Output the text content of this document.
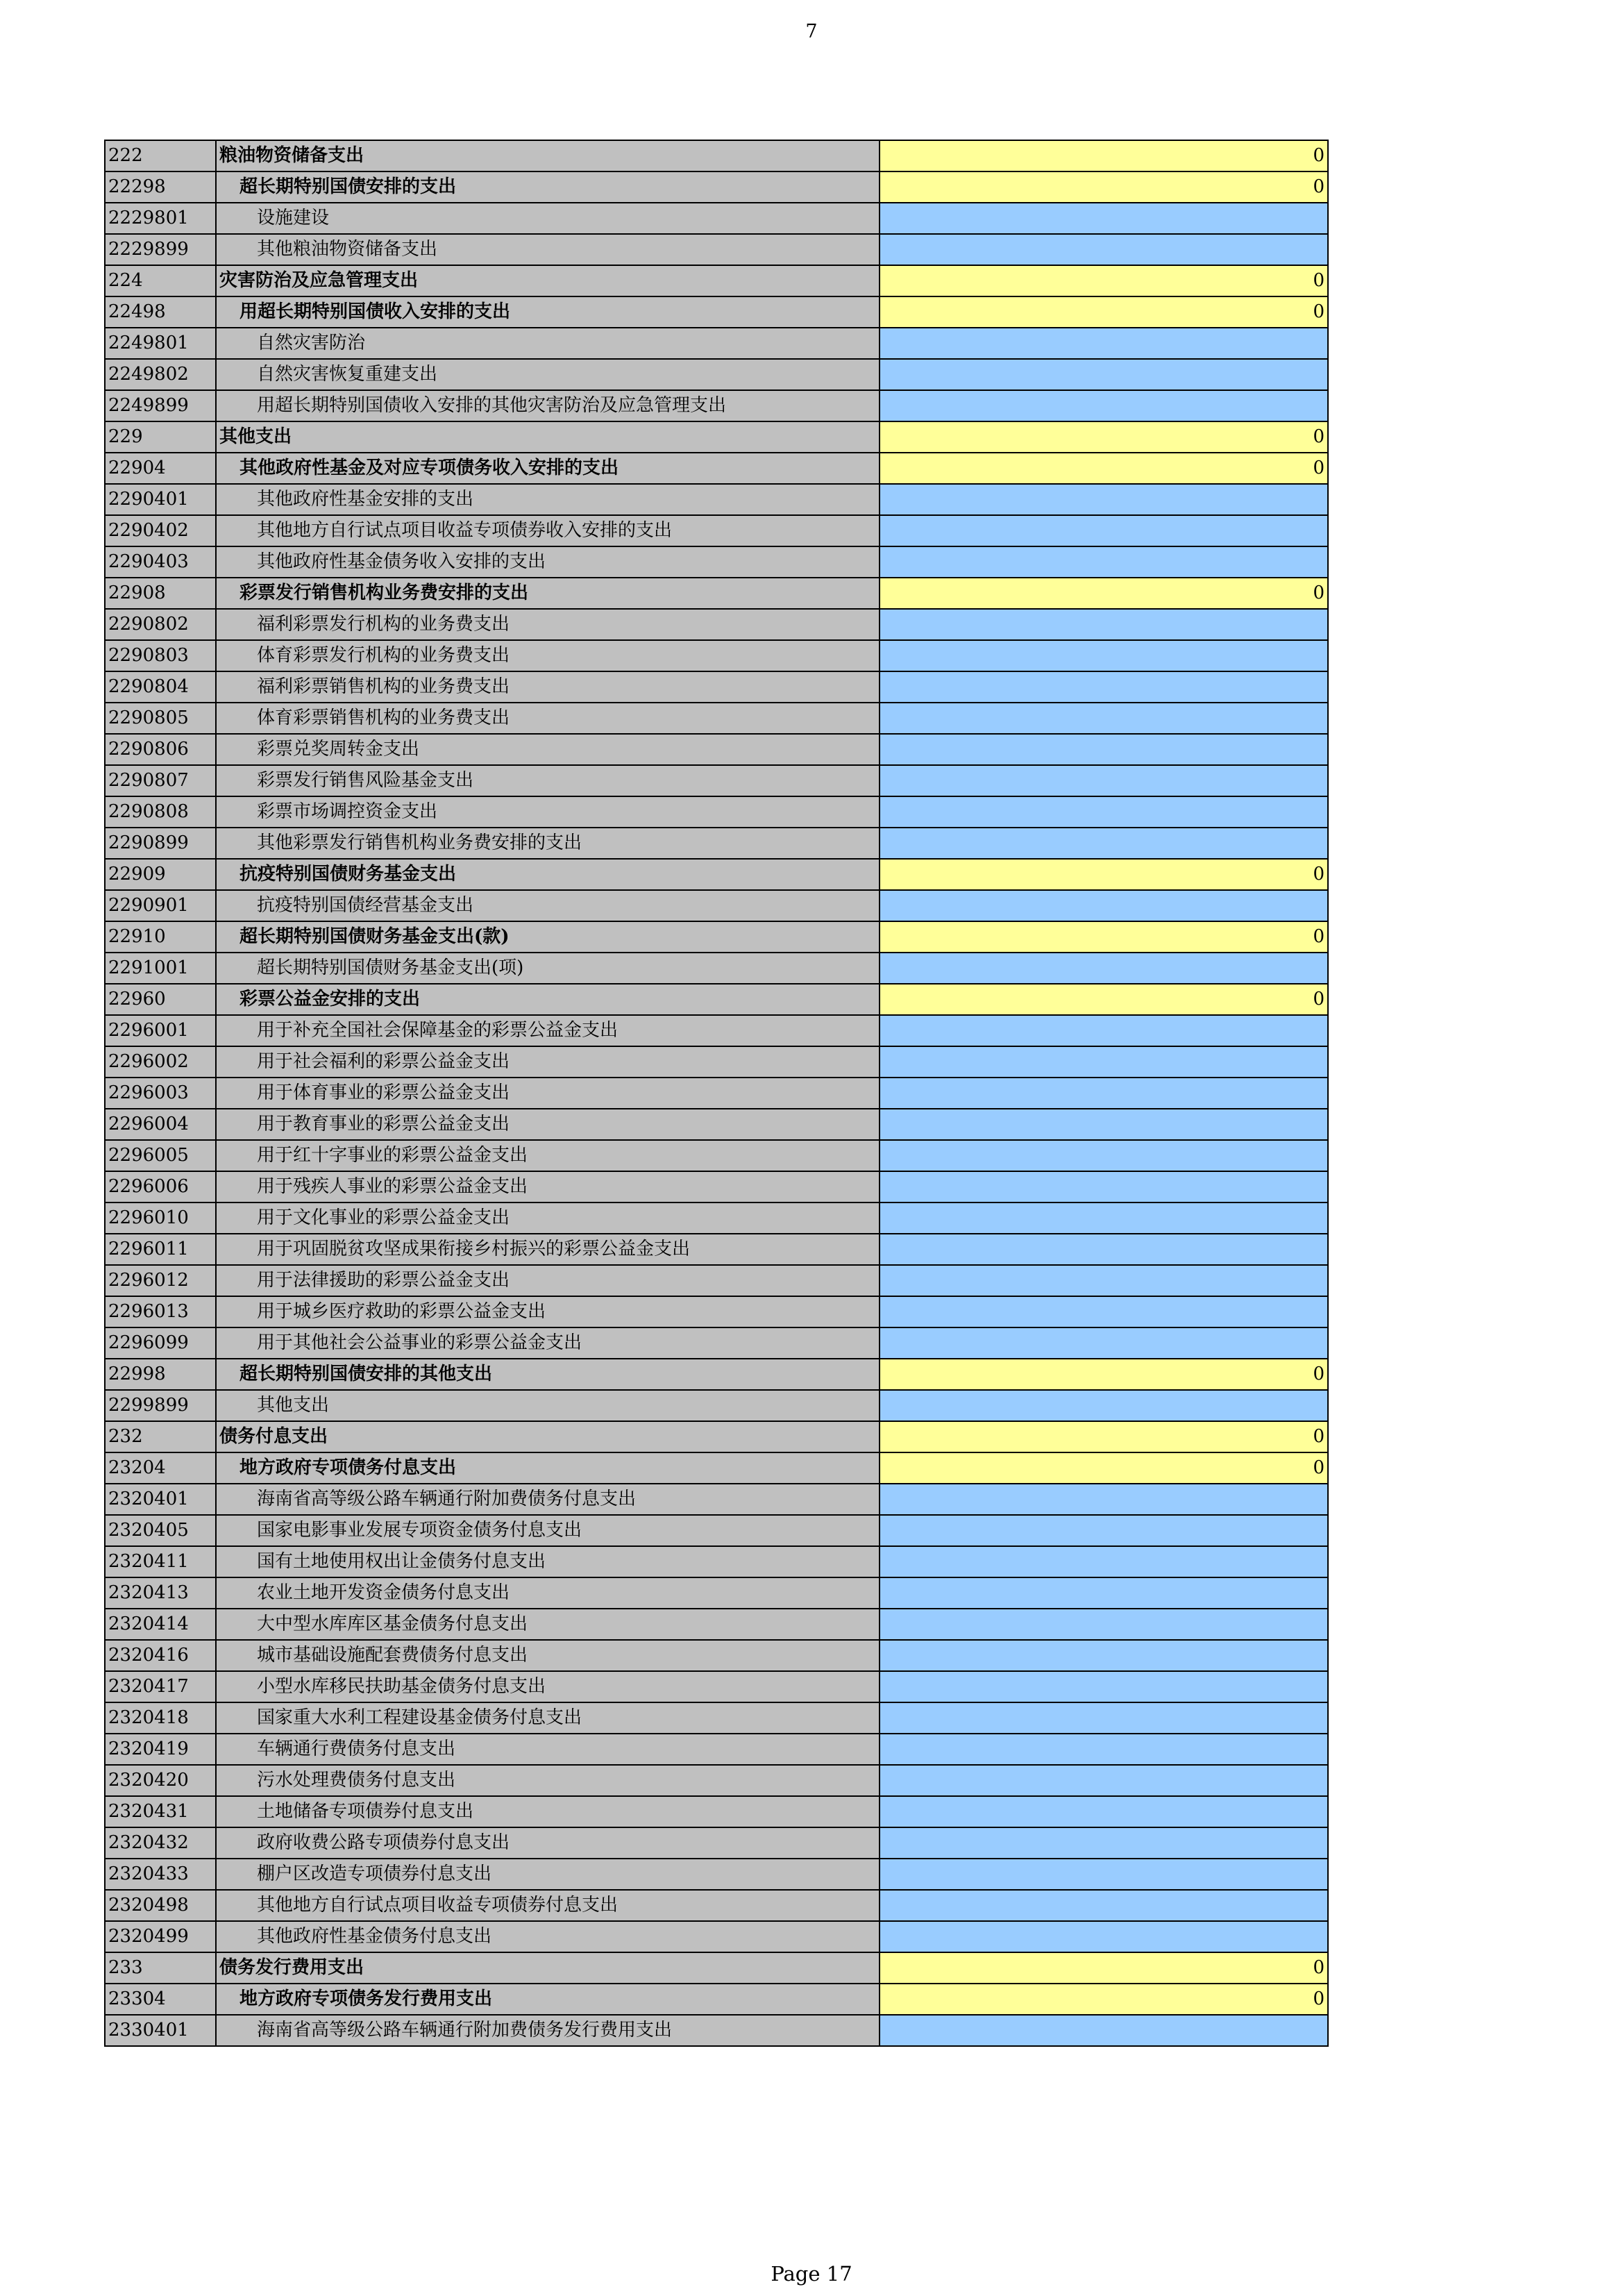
7
222	粮油物资储备支出	0
22298	超长期特别国债安排的支出	0
2229801	设施建设	
2229899	其他粮油物资储备支出	
224	灾害防治及应急管理支出	0
22498	用超长期特别国债收入安排的支出	0
2249801	自然灾害防治	
2249802	自然灾害恢复重建支出	
2249899	用超长期特别国债收入安排的其他灾害防治及应急管理支出	
229	其他支出	0
22904	其他政府性基金及对应专项债务收入安排的支出	0
2290401	其他政府性基金安排的支出	
2290402	其他地方自行试点项目收益专项债券收入安排的支出	
2290403	其他政府性基金债务收入安排的支出	
22908	彩票发行销售机构业务费安排的支出	0
2290802	福利彩票发行机构的业务费支出	
2290803	体育彩票发行机构的业务费支出	
2290804	福利彩票销售机构的业务费支出	
2290805	体育彩票销售机构的业务费支出	
2290806	彩票兑奖周转金支出	
2290807	彩票发行销售风险基金支出	
2290808	彩票市场调控资金支出	
2290899	其他彩票发行销售机构业务费安排的支出	
22909	抗疫特别国债财务基金支出	0
2290901	抗疫特别国债经营基金支出	
22910	超长期特别国债财务基金支出(款)	0
2291001	超长期特别国债财务基金支出(项)	
22960	彩票公益金安排的支出	0
2296001	用于补充全国社会保障基金的彩票公益金支出	
2296002	用于社会福利的彩票公益金支出	
2296003	用于体育事业的彩票公益金支出	
2296004	用于教育事业的彩票公益金支出	
2296005	用于红十字事业的彩票公益金支出	
2296006	用于残疾人事业的彩票公益金支出	
2296010	用于文化事业的彩票公益金支出	
2296011	用于巩固脱贫攻坚成果衔接乡村振兴的彩票公益金支出	
2296012	用于法律援助的彩票公益金支出	
2296013	用于城乡医疗救助的彩票公益金支出	
2296099	用于其他社会公益事业的彩票公益金支出	
22998	超长期特别国债安排的其他支出	0
2299899	其他支出	
232	债务付息支出	0
23204	地方政府专项债务付息支出	0
2320401	海南省高等级公路车辆通行附加费债务付息支出	
2320405	国家电影事业发展专项资金债务付息支出	
2320411	国有土地使用权出让金债务付息支出	
2320413	农业土地开发资金债务付息支出	
2320414	大中型水库库区基金债务付息支出	
2320416	城市基础设施配套费债务付息支出	
2320417	小型水库移民扶助基金债务付息支出	
2320418	国家重大水利工程建设基金债务付息支出	
2320419	车辆通行费债务付息支出	
2320420	污水处理费债务付息支出	
2320431	土地储备专项债券付息支出	
2320432	政府收费公路专项债券付息支出	
2320433	棚户区改造专项债券付息支出	
2320498	其他地方自行试点项目收益专项债券付息支出	
2320499	其他政府性基金债务付息支出	
233	债务发行费用支出	0
23304	地方政府专项债务发行费用支出	0
2330401	海南省高等级公路车辆通行附加费债务发行费用支出	
Page 17
